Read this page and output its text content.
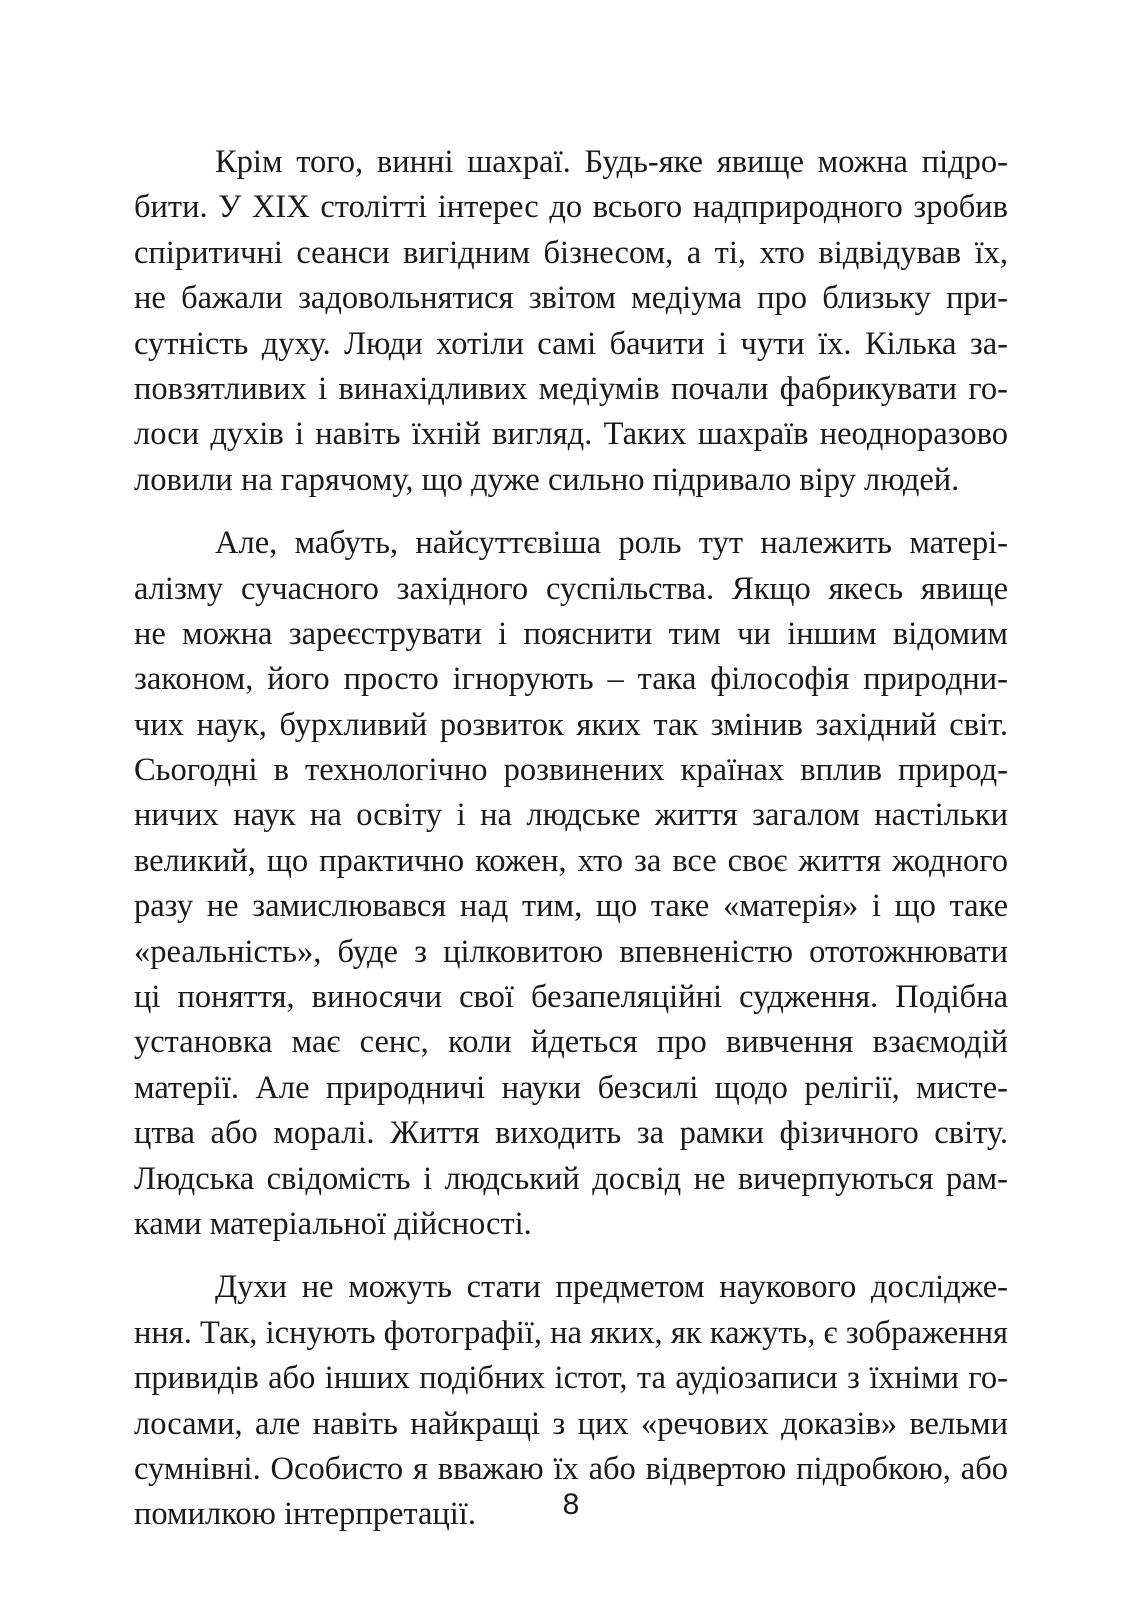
Крім того, винні шахраї. Будь-яке явище можна підро-
бити. У XIX столітті інтерес до всього надприродного зробив
спіритичні сеанси вигідним бізнесом, а ті, хто відвідував їх,
не бажали задовольнятися звітом медіума про близьку при-
сутність духу. Люди хотіли самі бачити і чути їх. Кілька за-
повзятливих і винахідливих медіумів почали фабрикувати го-
лоси духів і навіть їхній вигляд. Таких шахраїв неодноразово
ловили на гарячому, що дуже сильно підривало віру людей.
Але, мабуть, найсуттєвіша роль тут належить матері-
алізму сучасного західного суспільства. Якщо якесь явище
не можна зареєструвати і пояснити тим чи іншим відомим
законом, його просто ігнорують – така філософія природни-
чих наук, бурхливий розвиток яких так змінив західний світ.
Сьогодні в технологічно розвинених країнах вплив природ-
ничих наук на освіту і на людське життя загалом настільки
великий, що практично кожен, хто за все своє життя жодного
разу не замислювався над тим, що таке «матерія» і що таке
«реальність», буде з цілковитою впевненістю ототожнювати
ці поняття, виносячи свої безапеляційні судження. Подібна
установка має сенс, коли йдеться про вивчення взаємодій
матерії. Але природничі науки безсилі щодо релігії, мисте-
цтва або моралі. Життя виходить за рамки фізичного світу.
Людська свідомість і людський досвід не вичерпуються рам-
ками матеріальної дійсності.
Духи не можуть стати предметом наукового дослідже-
ння. Так, існують фотографії, на яких, як кажуть, є зображення
привидів або інших подібних істот, та аудіозаписи з їхніми го-
лосами, але навіть найкращі з цих «речових доказів» вельми
сумнівні. Особисто я вважаю їх або відвертою підробкою, або
помилкою інтерпретації.	8
